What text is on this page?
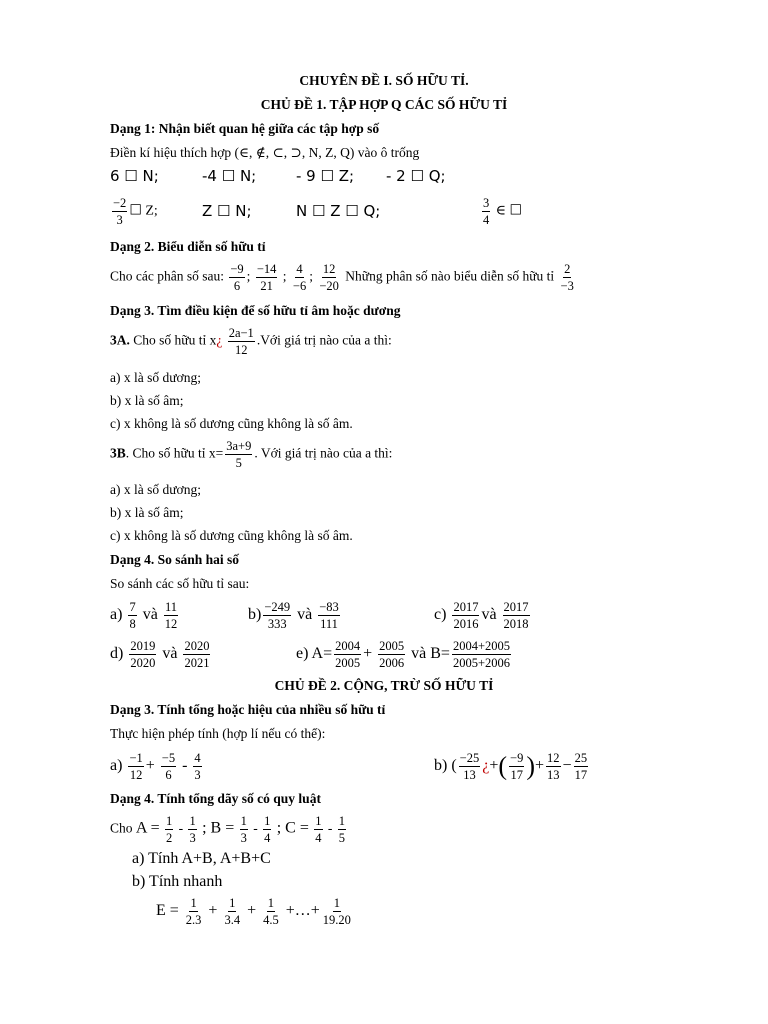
CHUYÊN ĐỀ I. SỐ HỮU TỈ.
CHỦ ĐỀ 1. TẬP HỢP Q CÁC SỐ HỮU TỈ
Dạng 1: Nhận biết quan hệ giữa các tập hợp số
Điền kí hiệu thích hợp (∈, ∉, ⊂, ⊃, N, Z, Q) vào ô trống
6 ☐ N;	-4 ☐ N;	- 9 ☐ Z; - 2 ☐ Q;
$\frac{-2}{3}$ ☐ Z;	Z ☐ N;	N ☐ Z ☐ Q;	$\frac{3}{4}$ ∈ ☐
Dạng 2. Biểu diễn số hữu tỉ
Cho các phân số sau: $\frac{-9}{6}$ ; $\frac{-14}{21}$ ; $\frac{4}{-6}$ ; $\frac{12}{-20}$ Những phân số nào biểu diễn số hữu tỉ $\frac{2}{-3}$
Dạng 3. Tìm điều kiện để số hữu tỉ âm hoặc dương
3A. Cho số hữu tỉ x¿ $\frac{2a-1}{12}$ .Với giá trị nào của a thì:
a) x là số dương;
b) x là số âm;
c) x không là số dương cũng không là số âm.
3B. Cho số hữu tỉ $x= \frac{3a+9}{5}$ . Với giá trị nào của a thì:
a) x là số dương;
b) x là số âm;
c) x không là số dương cũng không là số âm.
Dạng 4. So sánh hai số
So sánh các số hữu tỉ sau:
$a) \frac{7}{8}$ và $\frac{11}{12}$	$b) \frac{-249}{333}$ và $\frac{-83}{111}$	$c) \frac{2017}{2016}$ và $\frac{2017}{2018}$
$d) \frac{2019}{2020}$ và $\frac{2020}{2021}$	e) $A= \frac{2004}{2005} + \frac{2005}{2006}$ và $B= \frac{2004+2005}{2005+2006}$
CHỦ ĐỀ 2. CỘNG, TRỪ SỐ HỮU TỈ
Dạng 3. Tính tổng hoặc hiệu của nhiều số hữu tỉ
Thực hiện phép tính (hợp lí nếu có thể):
$a) \frac{-1}{12} + \frac{-5}{6} - \frac{4}{3}$	b) ( $\frac{-25}{13}$ ¿+( $\frac{-9}{17}$ )+ $\frac{12}{13} - \frac{25}{17}$
Dạng 4. Tính tổng dãy số có quy luật
Cho $A = \frac{1}{2} - \frac{1}{3}$ ; $B = \frac{1}{3} - \frac{1}{4}$ ; $C = \frac{1}{4} - \frac{1}{5}$
a) Tính A+B, A+B+C
b) Tính nhanh
$E = \frac{1}{2.3} + \frac{1}{3.4} + \frac{1}{4.5}$ +…+ $\frac{1}{19.20}$
